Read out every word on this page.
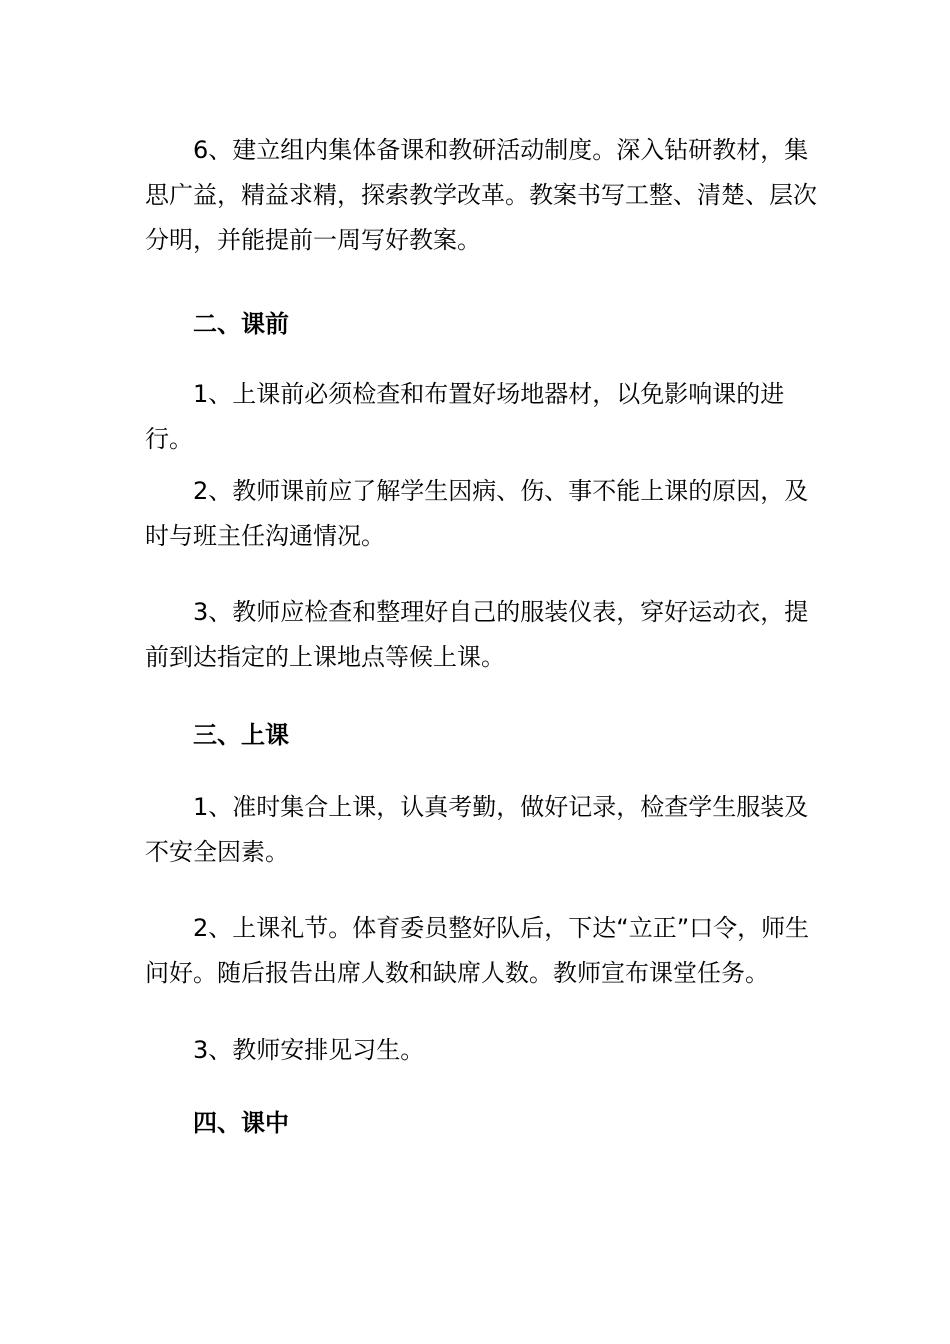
6、建立组内集体备课和教研活动制度。深入钻研教材，集思广益，精益求精，探索教学改革。教案书写工整、清楚、层次分明，并能提前一周写好教案。

二、课前

1、上课前必须检查和布置好场地器材，以免影响课的进行。

2、教师课前应了解学生因病、伤、事不能上课的原因，及时与班主任沟通情况。

3、教师应检查和整理好自己的服装仪表，穿好运动衣，提前到达指定的上课地点等候上课。

三、上课

1、准时集合上课，认真考勤，做好记录，检查学生服装及不安全因素。

2、上课礼节。体育委员整好队后，下达“立正”口令，师生问好。随后报告出席人数和缺席人数。教师宣布课堂任务。

3、教师安排见习生。

四、课中
